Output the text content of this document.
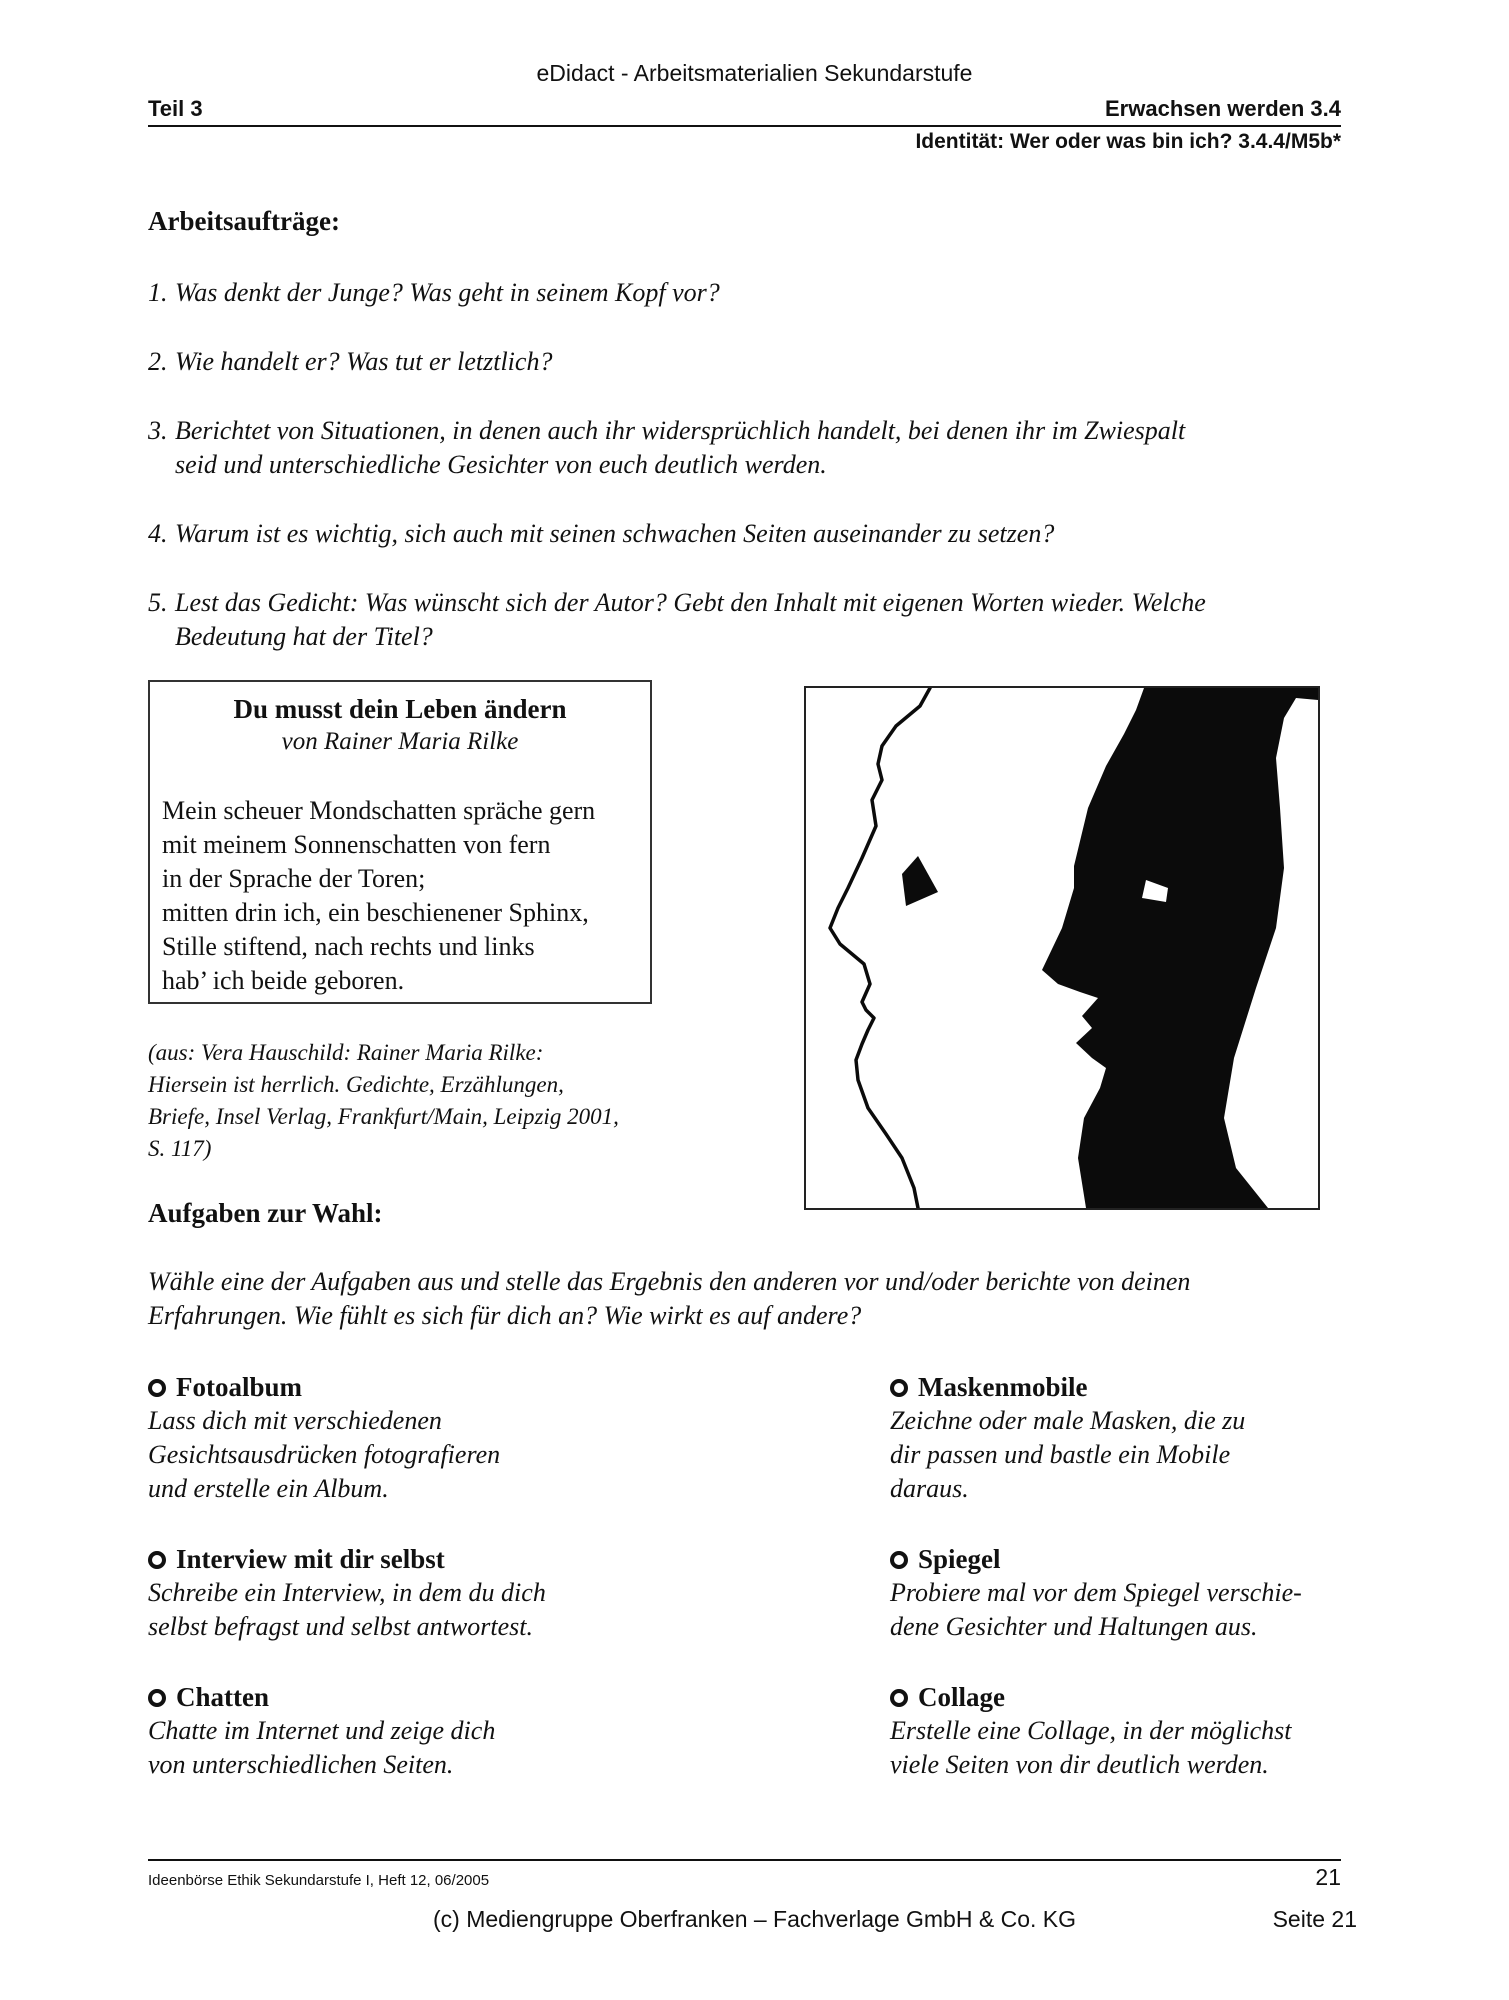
eDidact - Arbeitsmaterialien Sekundarstufe
Teil 3	Erwachsen werden 3.4
Identität: Wer oder was bin ich? 3.4.4/M5b*
Arbeitsaufträge:
1. Was denkt der Junge? Was geht in seinem Kopf vor?
2. Wie handelt er? Was tut er letztlich?
3. Berichtet von Situationen, in denen auch ihr widersprüchlich handelt, bei denen ihr im Zwiespalt
seid und unterschiedliche Gesichter von euch deutlich werden.
4. Warum ist es wichtig, sich auch mit seinen schwachen Seiten auseinander zu setzen?
5. Lest das Gedicht: Was wünscht sich der Autor? Gebt den Inhalt mit eigenen Worten wieder. Welche
Bedeutung hat der Titel?
Du musst dein Leben ändern
von Rainer Maria Rilke
Mein scheuer Mondschatten spräche gern
mit meinem Sonnenschatten von fern
in der Sprache der Toren;
mitten drin ich, ein beschienener Sphinx,
Stille stiftend, nach rechts und links
hab’ ich beide geboren.
(aus: Vera Hauschild: Rainer Maria Rilke:
Hiersein ist herrlich. Gedichte, Erzählungen,
Briefe, Insel Verlag, Frankfurt/Main, Leipzig 2001,
S. 117)
Aufgaben zur Wahl:
Wähle eine der Aufgaben aus und stelle das Ergebnis den anderen vor und/oder berichte von deinen
Erfahrungen. Wie fühlt es sich für dich an? Wie wirkt es auf andere?
Fotoalbum
Lass dich mit verschiedenen
Gesichtsausdrücken fotografieren
und erstelle ein Album.
Maskenmobile
Zeichne oder male Masken, die zu
dir passen und bastle ein Mobile
daraus.
Interview mit dir selbst
Schreibe ein Interview, in dem du dich
selbst befragst und selbst antwortest.
Spiegel
Probiere mal vor dem Spiegel verschie-
dene Gesichter und Haltungen aus.
Chatten
Chatte im Internet und zeige dich
von unterschiedlichen Seiten.
Collage
Erstelle eine Collage, in der möglichst
viele Seiten von dir deutlich werden.
Ideenbörse Ethik Sekundarstufe I, Heft 12, 06/2005	21
(c) Mediengruppe Oberfranken – Fachverlage GmbH & Co. KG	Seite 21
